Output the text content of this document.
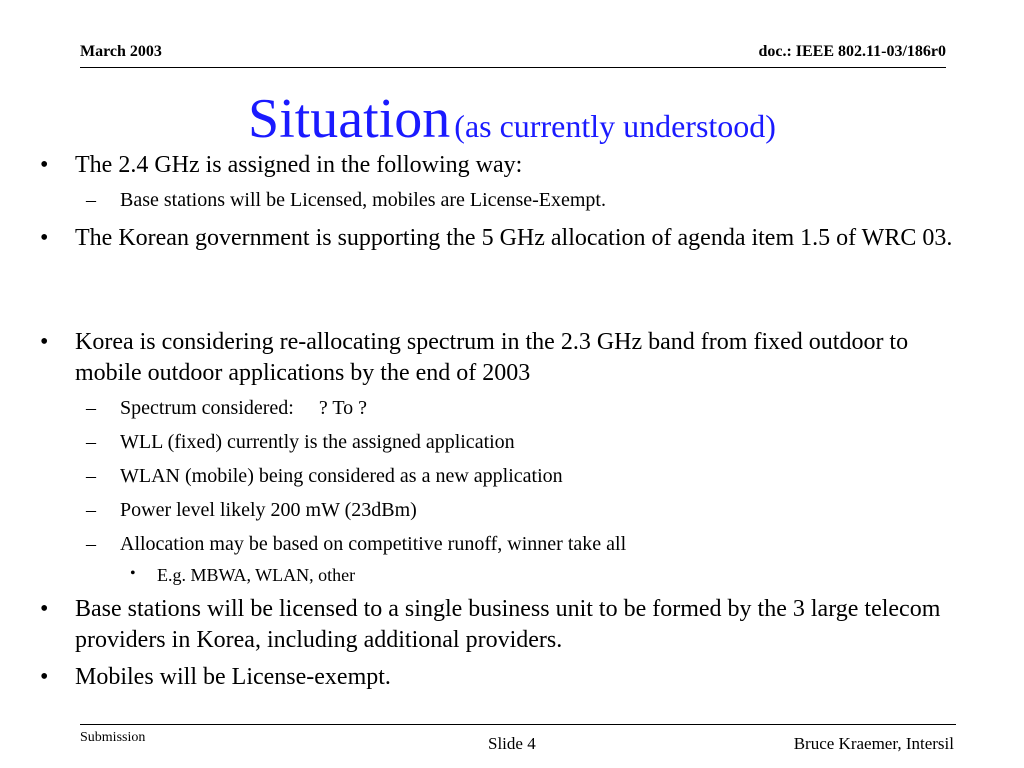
March 2003	doc.: IEEE 802.11-03/186r0
Situation (as currently understood)
• The 2.4 GHz is assigned in the following way:
– Base stations will be Licensed, mobiles are License-Exempt.
• The Korean government is supporting the 5 GHz allocation of agenda item 1.5 of WRC 03.
• Korea is considering re-allocating spectrum in the 2.3 GHz band from fixed outdoor to mobile outdoor applications by the end of 2003
– Spectrum considered:     ? To ?
– WLL (fixed) currently is the assigned application
– WLAN (mobile) being considered as a new application
– Power level likely 200 mW (23dBm)
– Allocation may be based on competitive runoff, winner take all
• E.g. MBWA, WLAN, other
• Base stations will be licensed to a single business unit to be formed by the 3 large telecom providers in Korea, including additional providers.
• Mobiles will be License-exempt.
Submission	Slide 4	Bruce Kraemer, Intersil
